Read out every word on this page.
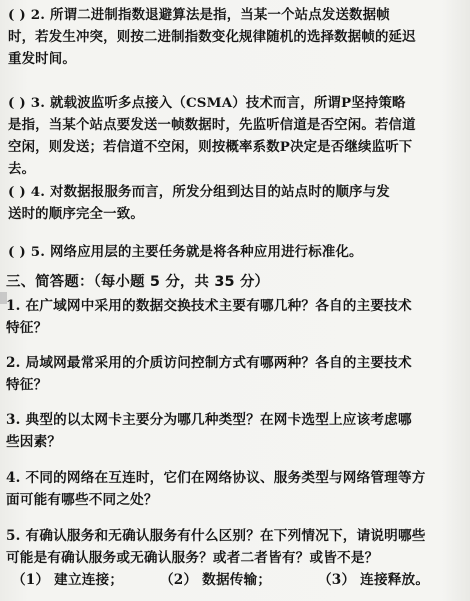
( ) 2. 所谓二进制指数退避算法是指，当某一个站点发送数据帧
时，若发生冲突，则按二进制指数变化规律随机的选择数据帧的延迟
重发时间。
( ) 3. 就载波监听多点接入（CSMA）技术而言，所谓P坚持策略
是指，当某个站点要发送一帧数据时，先监听信道是否空闲。若信道
空闲，则发送；若信道不空闲，则按概率系数P决定是否继续监听下
去。
( ) 4. 对数据报服务而言，所发分组到达目的站点时的顺序与发
送时的顺序完全一致。
( ) 5. 网络应用层的主要任务就是将各种应用进行标准化。
三、简答题：（每小题 5 分，共 35 分）
1. 在广域网中采用的数据交换技术主要有哪几种？各自的主要技术
特征？
2. 局域网最常采用的介质访问控制方式有哪两种？各自的主要技术
特征？
3. 典型的以太网卡主要分为哪几种类型？在网卡选型上应该考虑哪
些因素？
4. 不同的网络在互连时，它们在网络协议、服务类型与网络管理等方
面可能有哪些不同之处？
5. 有确认服务和无确认服务有什么区别？在下列情况下，请说明哪些
可能是有确认服务或无确认服务？或者二者皆有？或皆不是？
（1） 建立连接；	（2） 数据传输；	（3） 连接释放。
